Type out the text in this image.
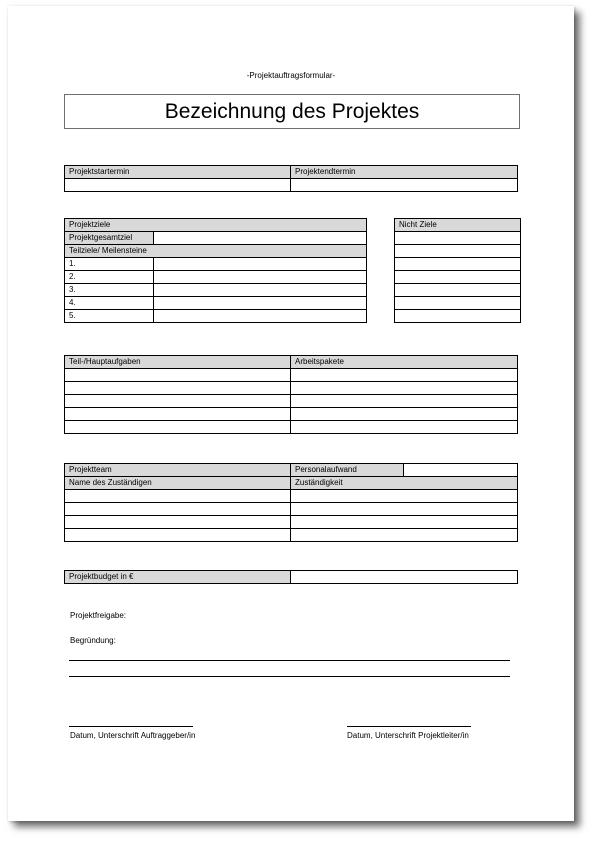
-Projektauftragsformular-
Bezeichnung des Projektes
Projektstartermin	Projektendtermin

Projektziele	
Projektgesamtziel	
Teilziele/ Meilensteine	
1.	
2.	
3.	
4.	
5.	
Nicht Ziele

Teil-/Hauptaufgaben	Arbeitspakete

Projektteam	Personalaufwand	
Name des Zuständigen	Zuständigkeit	

Projektbudget in €	
Projektfreigabe:
Begründung:
Datum, Unterschrift Auftraggeber/in	Datum, Unterschrift Projektleiter/in
